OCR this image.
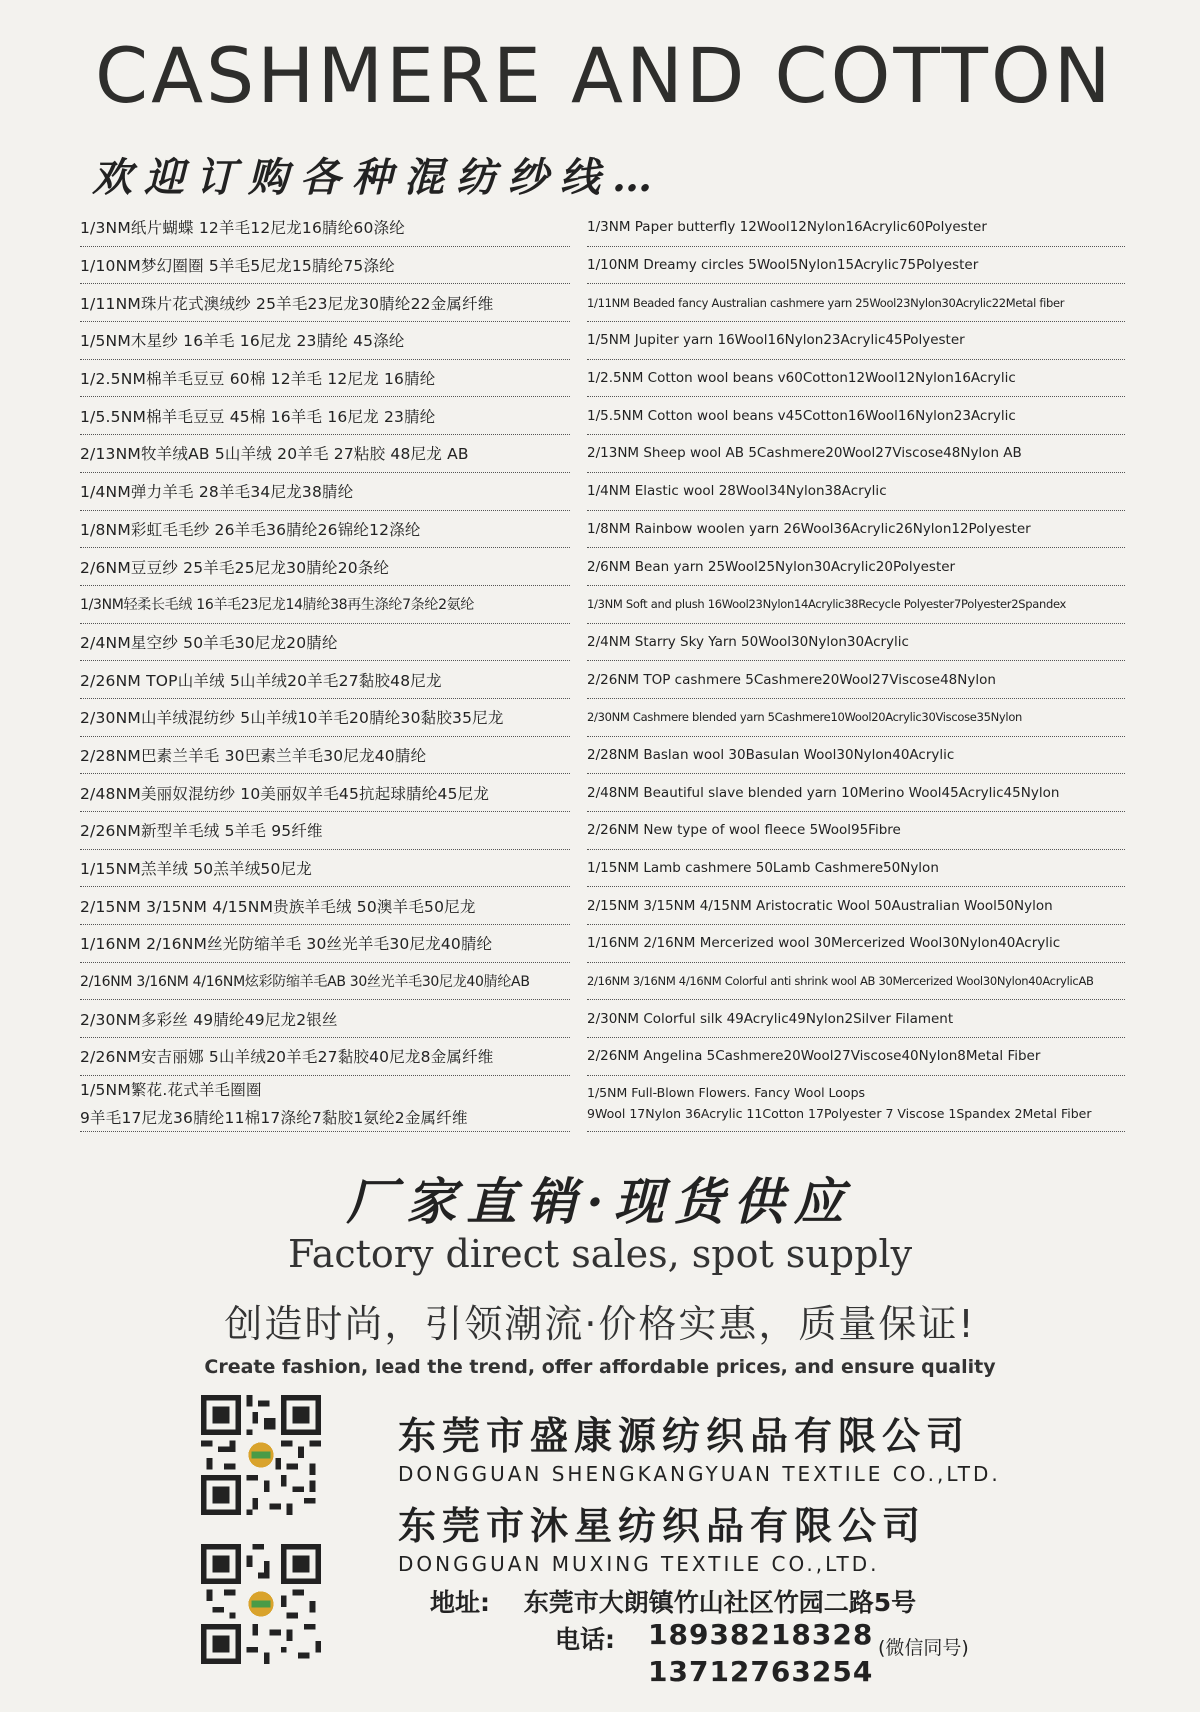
CASHMERE AND COTTON
欢迎订购各种混纺纱线…
1/3NM纸片蝴蝶 12羊毛12尼龙16腈纶60涤纶	1/3NM Paper butterfly 12Wool12Nylon16Acrylic60Polyester
1/10NM梦幻圈圈 5羊毛5尼龙15腈纶75涤纶	1/10NM Dreamy circles 5Wool5Nylon15Acrylic75Polyester
1/11NM珠片花式澳绒纱 25羊毛23尼龙30腈纶22金属纤维	1/11NM Beaded fancy Australian cashmere yarn 25Wool23Nylon30Acrylic22Metal fiber
1/5NM木星纱 16羊毛 16尼龙 23腈纶 45涤纶	1/5NM Jupiter yarn 16Wool16Nylon23Acrylic45Polyester
1/2.5NM棉羊毛豆豆 60棉 12羊毛 12尼龙 16腈纶	1/2.5NM Cotton wool beans v60Cotton12Wool12Nylon16Acrylic
1/5.5NM棉羊毛豆豆 45棉 16羊毛 16尼龙 23腈纶	1/5.5NM Cotton wool beans v45Cotton16Wool16Nylon23Acrylic
2/13NM牧羊绒AB 5山羊绒 20羊毛 27粘胶 48尼龙 AB	2/13NM Sheep wool AB 5Cashmere20Wool27Viscose48Nylon AB
1/4NM弹力羊毛 28羊毛34尼龙38腈纶	1/4NM Elastic wool 28Wool34Nylon38Acrylic
1/8NM彩虹毛毛纱 26羊毛36腈纶26锦纶12涤纶	1/8NM Rainbow woolen yarn 26Wool36Acrylic26Nylon12Polyester
2/6NM豆豆纱 25羊毛25尼龙30腈纶20条纶	2/6NM Bean yarn 25Wool25Nylon30Acrylic20Polyester
1/3NM轻柔长毛绒 16羊毛23尼龙14腈纶38再生涤纶7条纶2氨纶	1/3NM Soft and plush 16Wool23Nylon14Acrylic38Recycle Polyester7Polyester2Spandex
2/4NM星空纱 50羊毛30尼龙20腈纶	2/4NM Starry Sky Yarn 50Wool30Nylon30Acrylic
2/26NM TOP山羊绒 5山羊绒20羊毛27黏胶48尼龙	2/26NM TOP cashmere 5Cashmere20Wool27Viscose48Nylon
2/30NM山羊绒混纺纱 5山羊绒10羊毛20腈纶30黏胶35尼龙	2/30NM Cashmere blended yarn 5Cashmere10Wool20Acrylic30Viscose35Nylon
2/28NM巴素兰羊毛 30巴素兰羊毛30尼龙40腈纶	2/28NM Baslan wool 30Basulan Wool30Nylon40Acrylic
2/48NM美丽奴混纺纱 10美丽奴羊毛45抗起球腈纶45尼龙	2/48NM Beautiful slave blended yarn 10Merino Wool45Acrylic45Nylon
2/26NM新型羊毛绒 5羊毛 95纤维	2/26NM New type of wool fleece 5Wool95Fibre
1/15NM羔羊绒 50羔羊绒50尼龙	1/15NM Lamb cashmere 50Lamb Cashmere50Nylon
2/15NM 3/15NM 4/15NM贵族羊毛绒 50澳羊毛50尼龙	2/15NM 3/15NM 4/15NM Aristocratic Wool 50Australian Wool50Nylon
1/16NM 2/16NM丝光防缩羊毛 30丝光羊毛30尼龙40腈纶	1/16NM 2/16NM Mercerized wool 30Mercerized Wool30Nylon40Acrylic
2/16NM 3/16NM 4/16NM炫彩防缩羊毛AB 30丝光羊毛30尼龙40腈纶AB	2/16NM 3/16NM 4/16NM Colorful anti shrink wool AB 30Mercerized Wool30Nylon40AcrylicAB
2/30NM多彩丝 49腈纶49尼龙2银丝	2/30NM Colorful silk 49Acrylic49Nylon2Silver Filament
2/26NM安吉丽娜 5山羊绒20羊毛27黏胶40尼龙8金属纤维	2/26NM Angelina 5Cashmere20Wool27Viscose40Nylon8Metal Fiber
1/5NM繁花.花式羊毛圈圈
9羊毛17尼龙36腈纶11棉17涤纶7黏胶1氨纶2金属纤维
1/5NM Full-Blown Flowers. Fancy Wool Loops
9Wool 17Nylon 36Acrylic 11Cotton 17Polyester 7 Viscose 1Spandex 2Metal Fiber
厂家直销·现货供应
Factory direct sales, spot supply
创造时尚，引领潮流·价格实惠，质量保证!
Create fashion, lead the trend, offer affordable prices, and ensure quality
东莞市盛康源纺织品有限公司
DONGGUAN SHENGKANGYUAN TEXTILE CO.,LTD.
东莞市沐星纺织品有限公司
DONGGUAN MUXING TEXTILE CO.,LTD.
地址: 东莞市大朗镇竹山社区竹园二路5号
电话:	18938218328
13712763254
(微信同号)
